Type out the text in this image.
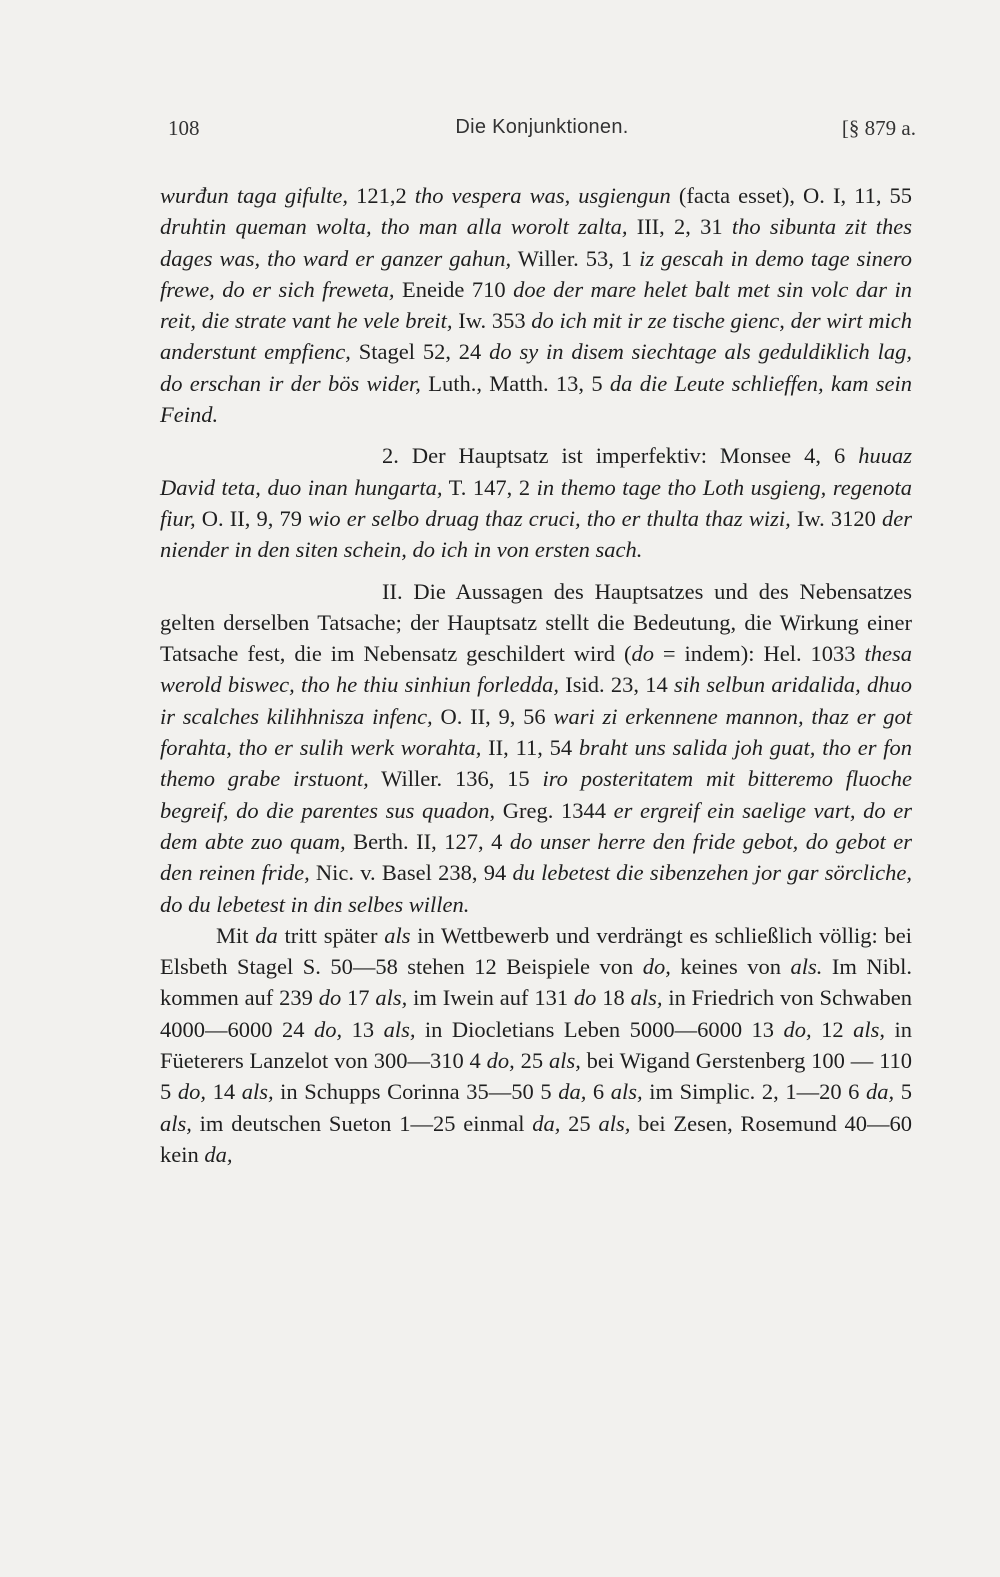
108	Die Konjunktionen.	[§ 879 a.

wurđun taga gifulte, 121,2 tho vespera was, usgiengun (facta esset), O. I, 11, 55 druhtin queman wolta, tho man alla worolt zalta, III, 2, 31 tho sibunta zit thes dages was, tho ward er ganzer gahun, Willer. 53, 1 iz gescah in demo tage sinero frewe, do er sich freweta, Eneide 710 doe der mare helet balt met sin volc dar in reit, die strate vant he vele breit, Iw. 353 do ich mit ir ze tische gienc, der wirt mich anderstunt empfienc, Stagel 52, 24 do sy in disem siechtage als geduldiklich lag, do erschan ir der bös wider, Luth., Matth. 13, 5 da die Leute schlieffen, kam sein Feind.

2. Der Hauptsatz ist imperfektiv: Monsee 4, 6 huuaz David teta, duo inan hungarta, T. 147, 2 in themo tage tho Loth usgieng, regenota fiur, O. II, 9, 79 wio er selbo druag thaz cruci, tho er thulta thaz wizi, Iw. 3120 der niender in den siten schein, do ich in von ersten sach.

II. Die Aussagen des Hauptsatzes und des Nebensatzes gelten derselben Tatsache; der Hauptsatz stellt die Bedeutung, die Wirkung einer Tatsache fest, die im Nebensatz geschildert wird (do = indem): Hel. 1033 thesa werold biswec, tho he thiu sinhiun forledda, Isid. 23, 14 sih selbun aridalida, dhuo ir scalches kilihhnisza infenc, O. II, 9, 56 wari zi erkennene mannon, thaz er got forahta, tho er sulih werk worahta, II, 11, 54 braht uns salida joh guat, tho er fon themo grabe irstuont, Willer. 136, 15 iro posteritatem mit bitteremo fluoche begreif, do die parentes sus quadon, Greg. 1344 er ergreif ein saelige vart, do er dem abte zuo quam, Berth. II, 127, 4 do unser herre den fride gebot, do gebot er den reinen fride, Nic. v. Basel 238, 94 du lebetest die sibenzehen jor gar sörcliche, do du lebetest in din selbes willen.

Mit da tritt später als in Wettbewerb und verdrängt es schließlich völlig: bei Elsbeth Stagel S. 50—58 stehen 12 Beispiele von do, keines von als. Im Nibl. kommen auf 239 do 17 als, im Iwein auf 131 do 18 als, in Friedrich von Schwaben 4000—6000 24 do, 13 als, in Diocletians Leben 5000—6000 13 do, 12 als, in Füeterers Lanzelot von 300—310 4 do, 25 als, bei Wigand Gerstenberg 100 — 110 5 do, 14 als, in Schupps Corinna 35—50 5 da, 6 als, im Simplic. 2, 1—20 6 da, 5 als, im deutschen Sueton 1—25 einmal da, 25 als, bei Zesen, Rosemund 40—60 kein da,
